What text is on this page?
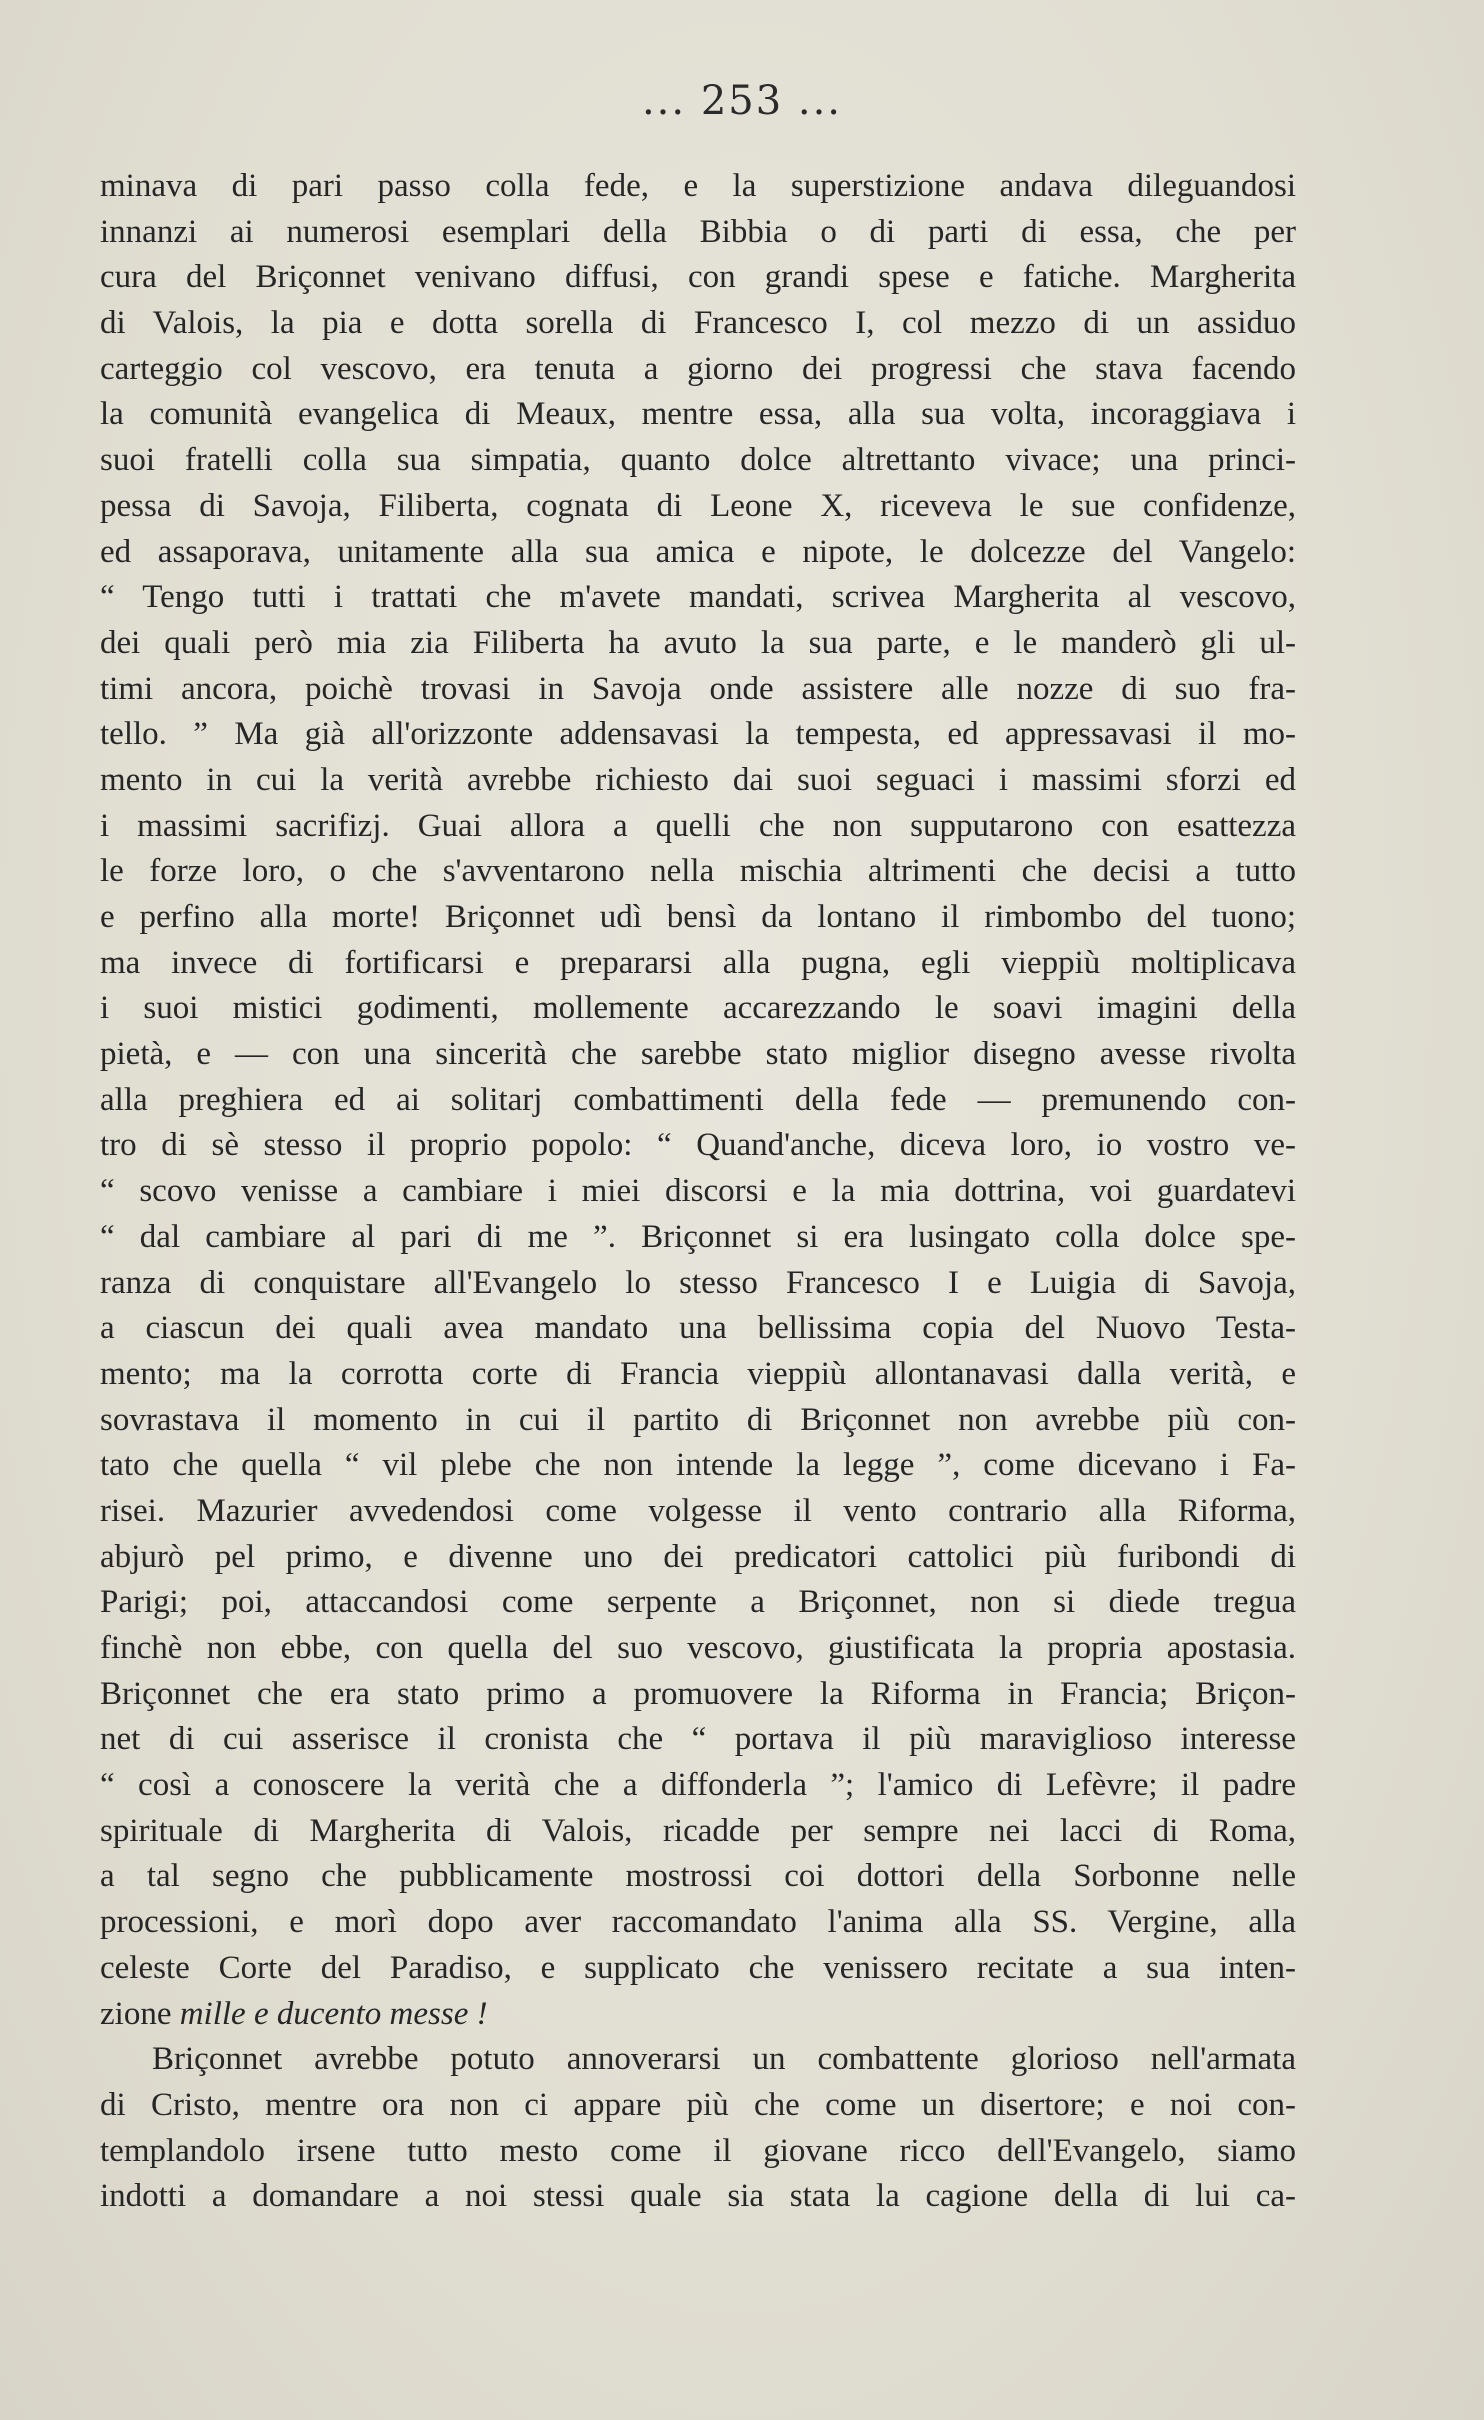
... 253 ...
minava di pari passo colla fede, e la superstizione andava dileguandosi
innanzi ai numerosi esemplari della Bibbia o di parti di essa, che per
cura del Briçonnet venivano diffusi, con grandi spese e fatiche. Margherita
di Valois, la pia e dotta sorella di Francesco I, col mezzo di un assiduo
carteggio col vescovo, era tenuta a giorno dei progressi che stava facendo
la comunità evangelica di Meaux, mentre essa, alla sua volta, incoraggiava i
suoi fratelli colla sua simpatia, quanto dolce altrettanto vivace; una princi-
pessa di Savoja, Filiberta, cognata di Leone X, riceveva le sue confidenze,
ed assaporava, unitamente alla sua amica e nipote, le dolcezze del Vangelo:
“ Tengo tutti i trattati che m'avete mandati, scrivea Margherita al vescovo,
dei quali però mia zia Filiberta ha avuto la sua parte, e le manderò gli ul-
timi ancora, poichè trovasi in Savoja onde assistere alle nozze di suo fra-
tello. ” Ma già all'orizzonte addensavasi la tempesta, ed appressavasi il mo-
mento in cui la verità avrebbe richiesto dai suoi seguaci i massimi sforzi ed
i massimi sacrifizj. Guai allora a quelli che non supputarono con esattezza
le forze loro, o che s'avventarono nella mischia altrimenti che decisi a tutto
e perfino alla morte! Briçonnet udì bensì da lontano il rimbombo del tuono;
ma invece di fortificarsi e prepararsi alla pugna, egli vieppiù moltiplicava
i suoi mistici godimenti, mollemente accarezzando le soavi imagini della
pietà, e — con una sincerità che sarebbe stato miglior disegno avesse rivolta
alla preghiera ed ai solitarj combattimenti della fede — premunendo con-
tro di sè stesso il proprio popolo: “ Quand'anche, diceva loro, io vostro ve-
“ scovo venisse a cambiare i miei discorsi e la mia dottrina, voi guardatevi
“ dal cambiare al pari di me ”. Briçonnet si era lusingato colla dolce spe-
ranza di conquistare all'Evangelo lo stesso Francesco I e Luigia di Savoja,
a ciascun dei quali avea mandato una bellissima copia del Nuovo Testa-
mento; ma la corrotta corte di Francia vieppiù allontanavasi dalla verità, e
sovrastava il momento in cui il partito di Briçonnet non avrebbe più con-
tato che quella “ vil plebe che non intende la legge ”, come dicevano i Fa-
risei. Mazurier avvedendosi come volgesse il vento contrario alla Riforma,
abjurò pel primo, e divenne uno dei predicatori cattolici più furibondi di
Parigi; poi, attaccandosi come serpente a Briçonnet, non si diede tregua
finchè non ebbe, con quella del suo vescovo, giustificata la propria apostasia.
Briçonnet che era stato primo a promuovere la Riforma in Francia; Briçon-
net di cui asserisce il cronista che “ portava il più maraviglioso interesse
“ così a conoscere la verità che a diffonderla ”; l'amico di Lefèvre; il padre
spirituale di Margherita di Valois, ricadde per sempre nei lacci di Roma,
a tal segno che pubblicamente mostrossi coi dottori della Sorbonne nelle
processioni, e morì dopo aver raccomandato l'anima alla SS. Vergine, alla
celeste Corte del Paradiso, e supplicato che venissero recitate a sua inten-
zione mille e ducento messe !
Briçonnet avrebbe potuto annoverarsi un combattente glorioso nell'armata
di Cristo, mentre ora non ci appare più che come un disertore; e noi con-
templandolo irsene tutto mesto come il giovane ricco dell'Evangelo, siamo
indotti a domandare a noi stessi quale sia stata la cagione della di lui ca-
